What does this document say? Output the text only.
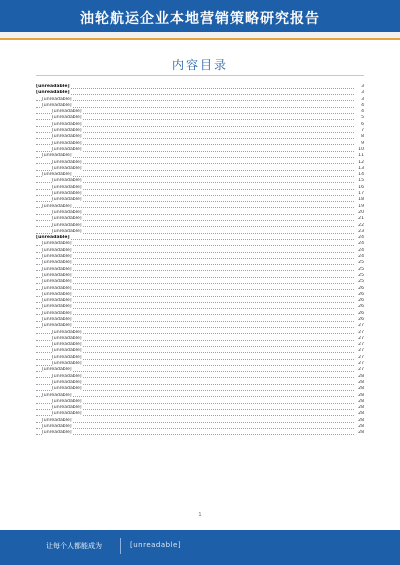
油轮航运企业本地营销策略研究报告
内容目录
[unreadable]	3
[unreadable]	3
[unreadable]	3
[unreadable]	4
[unreadable]	4
[unreadable]	5
[unreadable]	6
[unreadable]	7
[unreadable]	8
[unreadable]	9
[unreadable]	10
[unreadable]	11
[unreadable]	12
[unreadable]	13
[unreadable]	14
[unreadable]	15
[unreadable]	16
[unreadable]	17
[unreadable]	18
[unreadable]	19
[unreadable]	20
[unreadable]	21
[unreadable]	22
[unreadable]	23
[unreadable]	24
[unreadable]	24
[unreadable]	24
[unreadable]	24
[unreadable]	25
[unreadable]	25
[unreadable]	25
[unreadable]	25
[unreadable]	26
[unreadable]	26
[unreadable]	26
[unreadable]	26
[unreadable]	26
[unreadable]	26
[unreadable]	27
[unreadable]	27
[unreadable]	27
[unreadable]	27
[unreadable]	27
[unreadable]	27
[unreadable]	27
[unreadable]	27
[unreadable]	28
[unreadable]	28
[unreadable]	28
[unreadable]	28
[unreadable]	28
[unreadable]	28
[unreadable]	28
[unreadable]	28
[unreadable]	28
[unreadable]	28
1
让每个人都能成为	[unreadable]
